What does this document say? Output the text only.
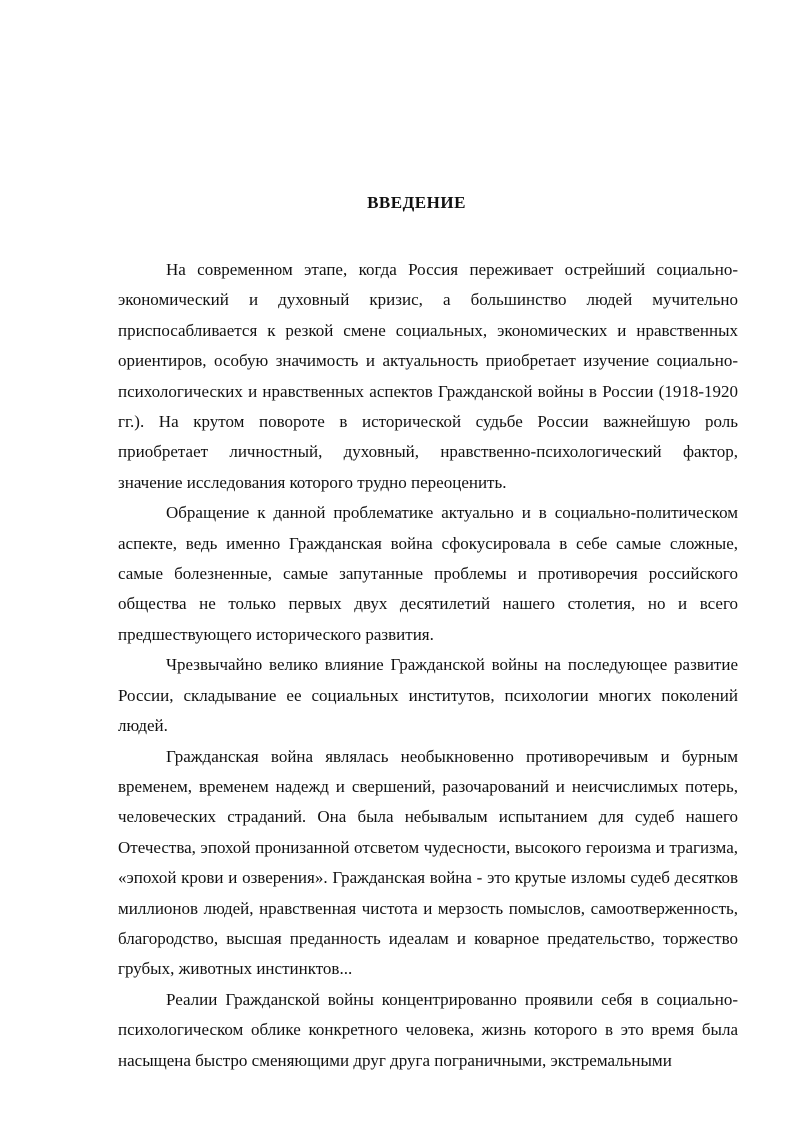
ВВЕДЕНИЕ

На современном этапе, когда Россия переживает острейший социально-экономический и духовный кризис, а большинство людей мучительно приспосабливается к резкой смене социальных, экономических и нравственных ориентиров, особую значимость и актуальность приобретает изучение социально-психологических и нравственных аспектов Гражданской войны в России (1918-1920 гг.). На крутом повороте в исторической судьбе России важнейшую роль приобретает личностный, духовный, нравственно-психологический фактор, значение исследования которого трудно переоценить.

Обращение к данной проблематике актуально и в социально-политическом аспекте, ведь именно Гражданская война сфокусировала в себе самые сложные, самые болезненные, самые запутанные проблемы и противоречия российского общества не только первых двух десятилетий нашего столетия, но и всего предшествующего исторического развития.

Чрезвычайно велико влияние Гражданской войны на последующее развитие России, складывание ее социальных институтов, психологии многих поколений людей.

Гражданская война являлась необыкновенно противоречивым и бурным временем, временем надежд и свершений, разочарований и неисчислимых потерь, человеческих страданий. Она была небывалым испытанием для судеб нашего Отечества, эпохой пронизанной отсветом чудесности, высокого героизма и трагизма, «эпохой крови и озверения». Гражданская война - это крутые изломы судеб десятков миллионов людей, нравственная чистота и мерзость помыслов, самоотверженность, благородство, высшая преданность идеалам и коварное предательство, торжество грубых, животных инстинктов...

Реалии Гражданской войны концентрированно проявили себя в социально-психологическом облике конкретного человека, жизнь которого в это время была насыщена быстро сменяющими друг друга пограничными, экстремальными
